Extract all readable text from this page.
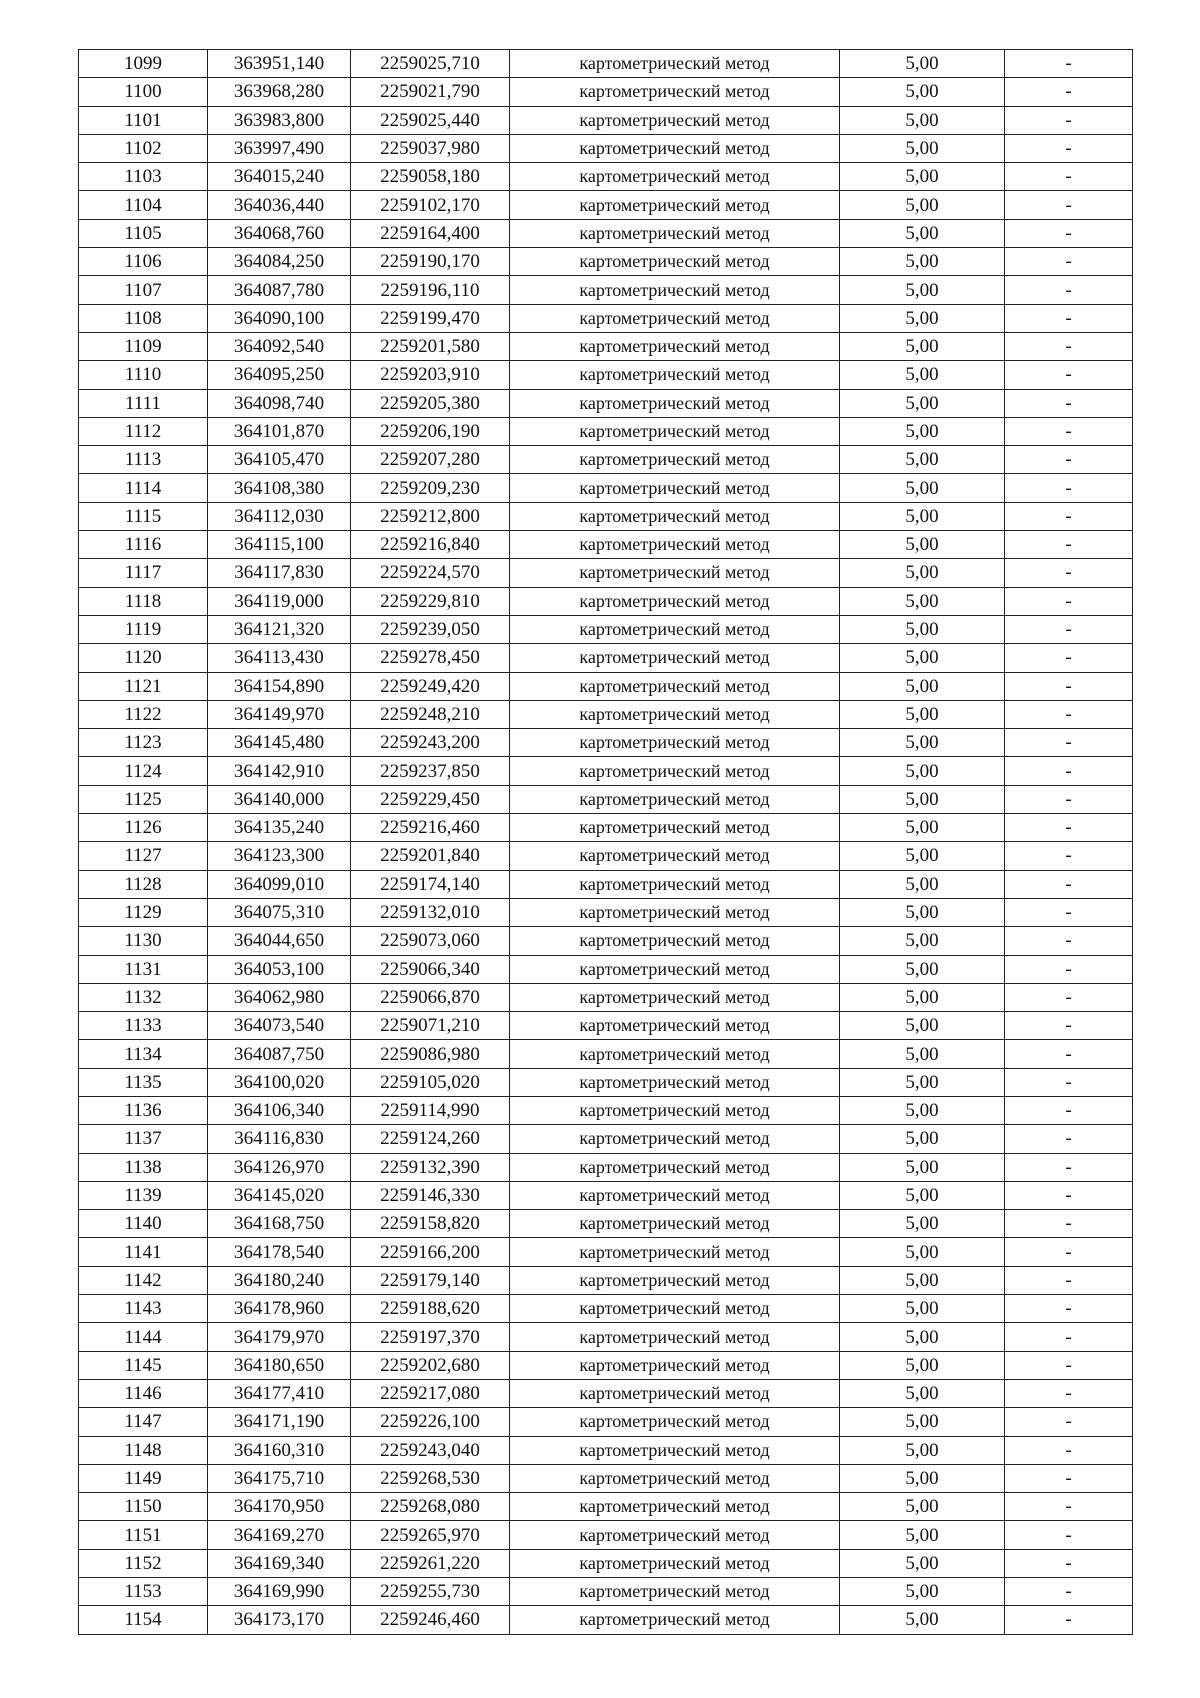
1099	363951,140	2259025,710	картометрический метод	5,00	-
1100	363968,280	2259021,790	картометрический метод	5,00	-
1101	363983,800	2259025,440	картометрический метод	5,00	-
1102	363997,490	2259037,980	картометрический метод	5,00	-
1103	364015,240	2259058,180	картометрический метод	5,00	-
1104	364036,440	2259102,170	картометрический метод	5,00	-
1105	364068,760	2259164,400	картометрический метод	5,00	-
1106	364084,250	2259190,170	картометрический метод	5,00	-
1107	364087,780	2259196,110	картометрический метод	5,00	-
1108	364090,100	2259199,470	картометрический метод	5,00	-
1109	364092,540	2259201,580	картометрический метод	5,00	-
1110	364095,250	2259203,910	картометрический метод	5,00	-
1111	364098,740	2259205,380	картометрический метод	5,00	-
1112	364101,870	2259206,190	картометрический метод	5,00	-
1113	364105,470	2259207,280	картометрический метод	5,00	-
1114	364108,380	2259209,230	картометрический метод	5,00	-
1115	364112,030	2259212,800	картометрический метод	5,00	-
1116	364115,100	2259216,840	картометрический метод	5,00	-
1117	364117,830	2259224,570	картометрический метод	5,00	-
1118	364119,000	2259229,810	картометрический метод	5,00	-
1119	364121,320	2259239,050	картометрический метод	5,00	-
1120	364113,430	2259278,450	картометрический метод	5,00	-
1121	364154,890	2259249,420	картометрический метод	5,00	-
1122	364149,970	2259248,210	картометрический метод	5,00	-
1123	364145,480	2259243,200	картометрический метод	5,00	-
1124	364142,910	2259237,850	картометрический метод	5,00	-
1125	364140,000	2259229,450	картометрический метод	5,00	-
1126	364135,240	2259216,460	картометрический метод	5,00	-
1127	364123,300	2259201,840	картометрический метод	5,00	-
1128	364099,010	2259174,140	картометрический метод	5,00	-
1129	364075,310	2259132,010	картометрический метод	5,00	-
1130	364044,650	2259073,060	картометрический метод	5,00	-
1131	364053,100	2259066,340	картометрический метод	5,00	-
1132	364062,980	2259066,870	картометрический метод	5,00	-
1133	364073,540	2259071,210	картометрический метод	5,00	-
1134	364087,750	2259086,980	картометрический метод	5,00	-
1135	364100,020	2259105,020	картометрический метод	5,00	-
1136	364106,340	2259114,990	картометрический метод	5,00	-
1137	364116,830	2259124,260	картометрический метод	5,00	-
1138	364126,970	2259132,390	картометрический метод	5,00	-
1139	364145,020	2259146,330	картометрический метод	5,00	-
1140	364168,750	2259158,820	картометрический метод	5,00	-
1141	364178,540	2259166,200	картометрический метод	5,00	-
1142	364180,240	2259179,140	картометрический метод	5,00	-
1143	364178,960	2259188,620	картометрический метод	5,00	-
1144	364179,970	2259197,370	картометрический метод	5,00	-
1145	364180,650	2259202,680	картометрический метод	5,00	-
1146	364177,410	2259217,080	картометрический метод	5,00	-
1147	364171,190	2259226,100	картометрический метод	5,00	-
1148	364160,310	2259243,040	картометрический метод	5,00	-
1149	364175,710	2259268,530	картометрический метод	5,00	-
1150	364170,950	2259268,080	картометрический метод	5,00	-
1151	364169,270	2259265,970	картометрический метод	5,00	-
1152	364169,340	2259261,220	картометрический метод	5,00	-
1153	364169,990	2259255,730	картометрический метод	5,00	-
1154	364173,170	2259246,460	картометрический метод	5,00	-
